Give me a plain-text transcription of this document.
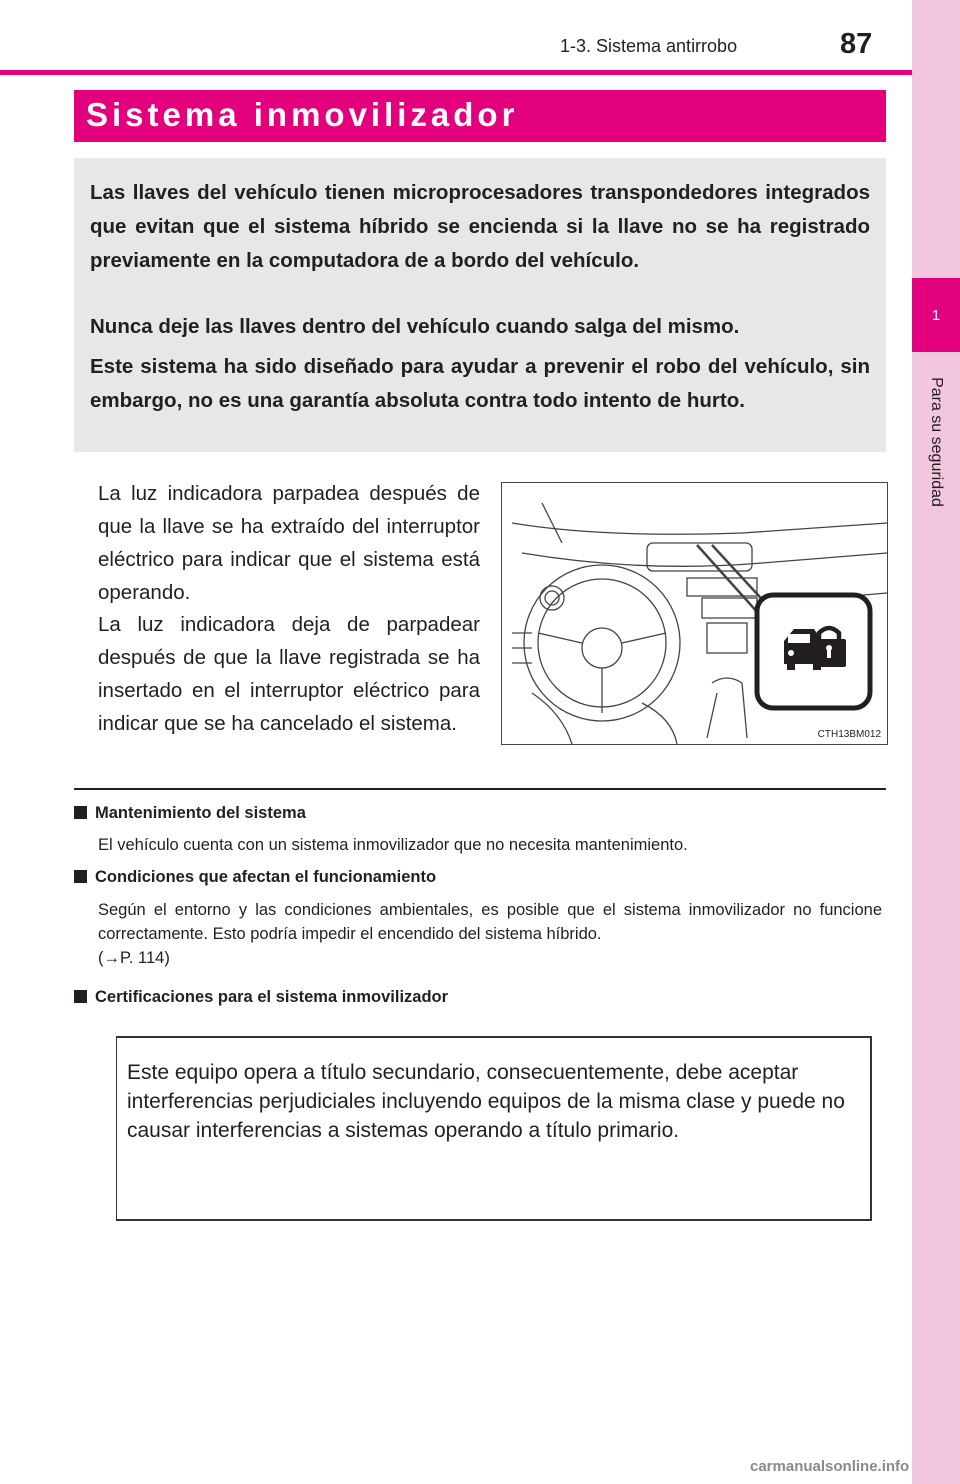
1
Para su seguridad
1-3. Sistema antirrobo	87
Sistema inmovilizador

Las llaves del vehículo tienen microprocesadores transpondedores integrados que evitan que el sistema híbrido se encienda si la llave no se ha registrado previamente en la computadora de a bordo del vehículo.

Nunca deje las llaves dentro del vehículo cuando salga del mismo.

Este sistema ha sido diseñado para ayudar a prevenir el robo del vehículo, sin embargo, no es una garantía absoluta contra todo intento de hurto.

La luz indicadora parpadea después de que la llave se ha extraído del interruptor eléctrico para indicar que el sistema está operando.

La luz indicadora deja de parpadear después de que la llave registrada se ha insertado en el interruptor eléctrico para indicar que se ha cancelado el sistema.	CTH13BM012
Mantenimiento del sistema

El vehículo cuenta con un sistema inmovilizador que no necesita mantenimiento.

Condiciones que afectan el funcionamiento

Según el entorno y las condiciones ambientales, es posible que el sistema inmovilizador no funcione correctamente. Esto podría impedir el encendido del sistema híbrido.

(→P. 114)

Certificaciones para el sistema inmovilizador

Este equipo opera a título secundario, consecuentemente, debe aceptar interferencias perjudiciales incluyendo equipos de la misma clase y puede no causar interferencias a sistemas operando a título primario.

carmanualsonline.info
